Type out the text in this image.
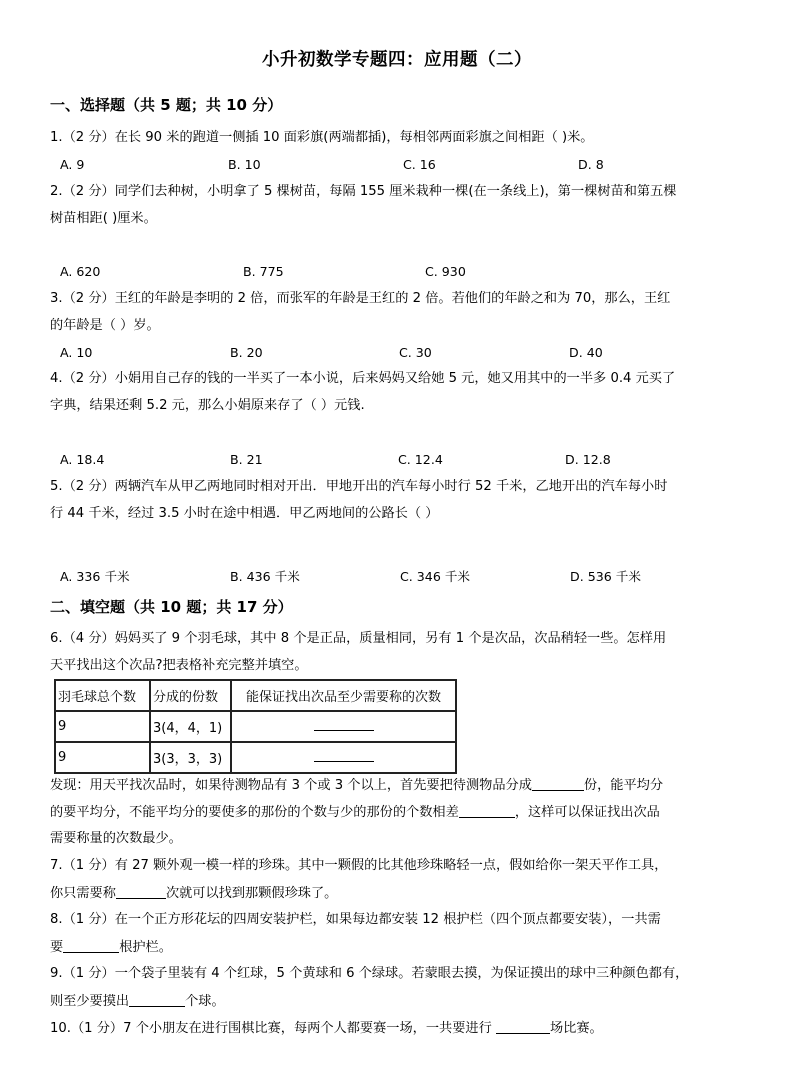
小升初数学专题四：应用题（二）
一、选择题（共 5 题；共 10 分）
1.（2 分）在长 90 米的跑道一侧插 10 面彩旗(两端都插)，每相邻两面彩旗之间相距（ )米。
A. 9	B. 10	C. 16	D. 8
2.（2 分）同学们去种树，小明拿了 5 棵树苗，每隔 155 厘米栽种一棵(在一条线上)，第一棵树苗和第五棵
树苗相距( )厘米。
A. 620	B. 775	C. 930
3.（2 分）王红的年龄是李明的 2 倍，而张军的年龄是王红的 2 倍。若他们的年龄之和为 70，那么，王红
的年龄是（ ）岁。
A. 10	B. 20	C. 30	D. 40
4.（2 分）小娟用自己存的钱的一半买了一本小说，后来妈妈又给她 5 元，她又用其中的一半多 0.4 元买了
字典，结果还剩 5.2 元，那么小娟原来存了（ ）元钱.
A. 18.4	B. 21	C. 12.4	D. 12.8
5.（2 分）两辆汽车从甲乙两地同时相对开出．甲地开出的汽车每小时行 52 千米，乙地开出的汽车每小时
行 44 千米，经过 3.5 小时在途中相遇．甲乙两地间的公路长（ ）
A. 336 千米	B. 436 千米	C. 346 千米	D. 536 千米
二、填空题（共 10 题；共 17 分）
6.（4 分）妈妈买了 9 个羽毛球，其中 8 个是正品，质量相同，另有 1 个是次品，次品稍轻一些。怎样用
天平找出这个次品?把表格补充完整并填空。
羽毛球总个数	分成的份数	能保证找出次品至少需要称的次数
9	3(4，4，1)	
9	3(3，3，3)	
发现：用天平找次品时，如果待测物品有 3 个或 3 个以上，首先要把待测物品分成	份，能平均分
的要平均分，不能平均分的要使多的那份的个数与少的那份的个数相差	，这样可以保证找出次品
需要称量的次数最少。
7.（1 分）有 27 颗外观一模一样的珍珠。其中一颗假的比其他珍珠略轻一点，假如给你一架天平作工具，
你只需要称	次就可以找到那颗假珍珠了。
8.（1 分）在一个正方形花坛的四周安装护栏，如果每边都安装 12 根护栏（四个顶点都要安装），一共需
要	根护栏。
9.（1 分）一个袋子里装有 4 个红球，5 个黄球和 6 个绿球。若蒙眼去摸，为保证摸出的球中三种颜色都有，
则至少要摸出	个球。
10.（1 分）7 个小朋友在进行围棋比赛，每两个人都要赛一场，一共要进行	场比赛。
